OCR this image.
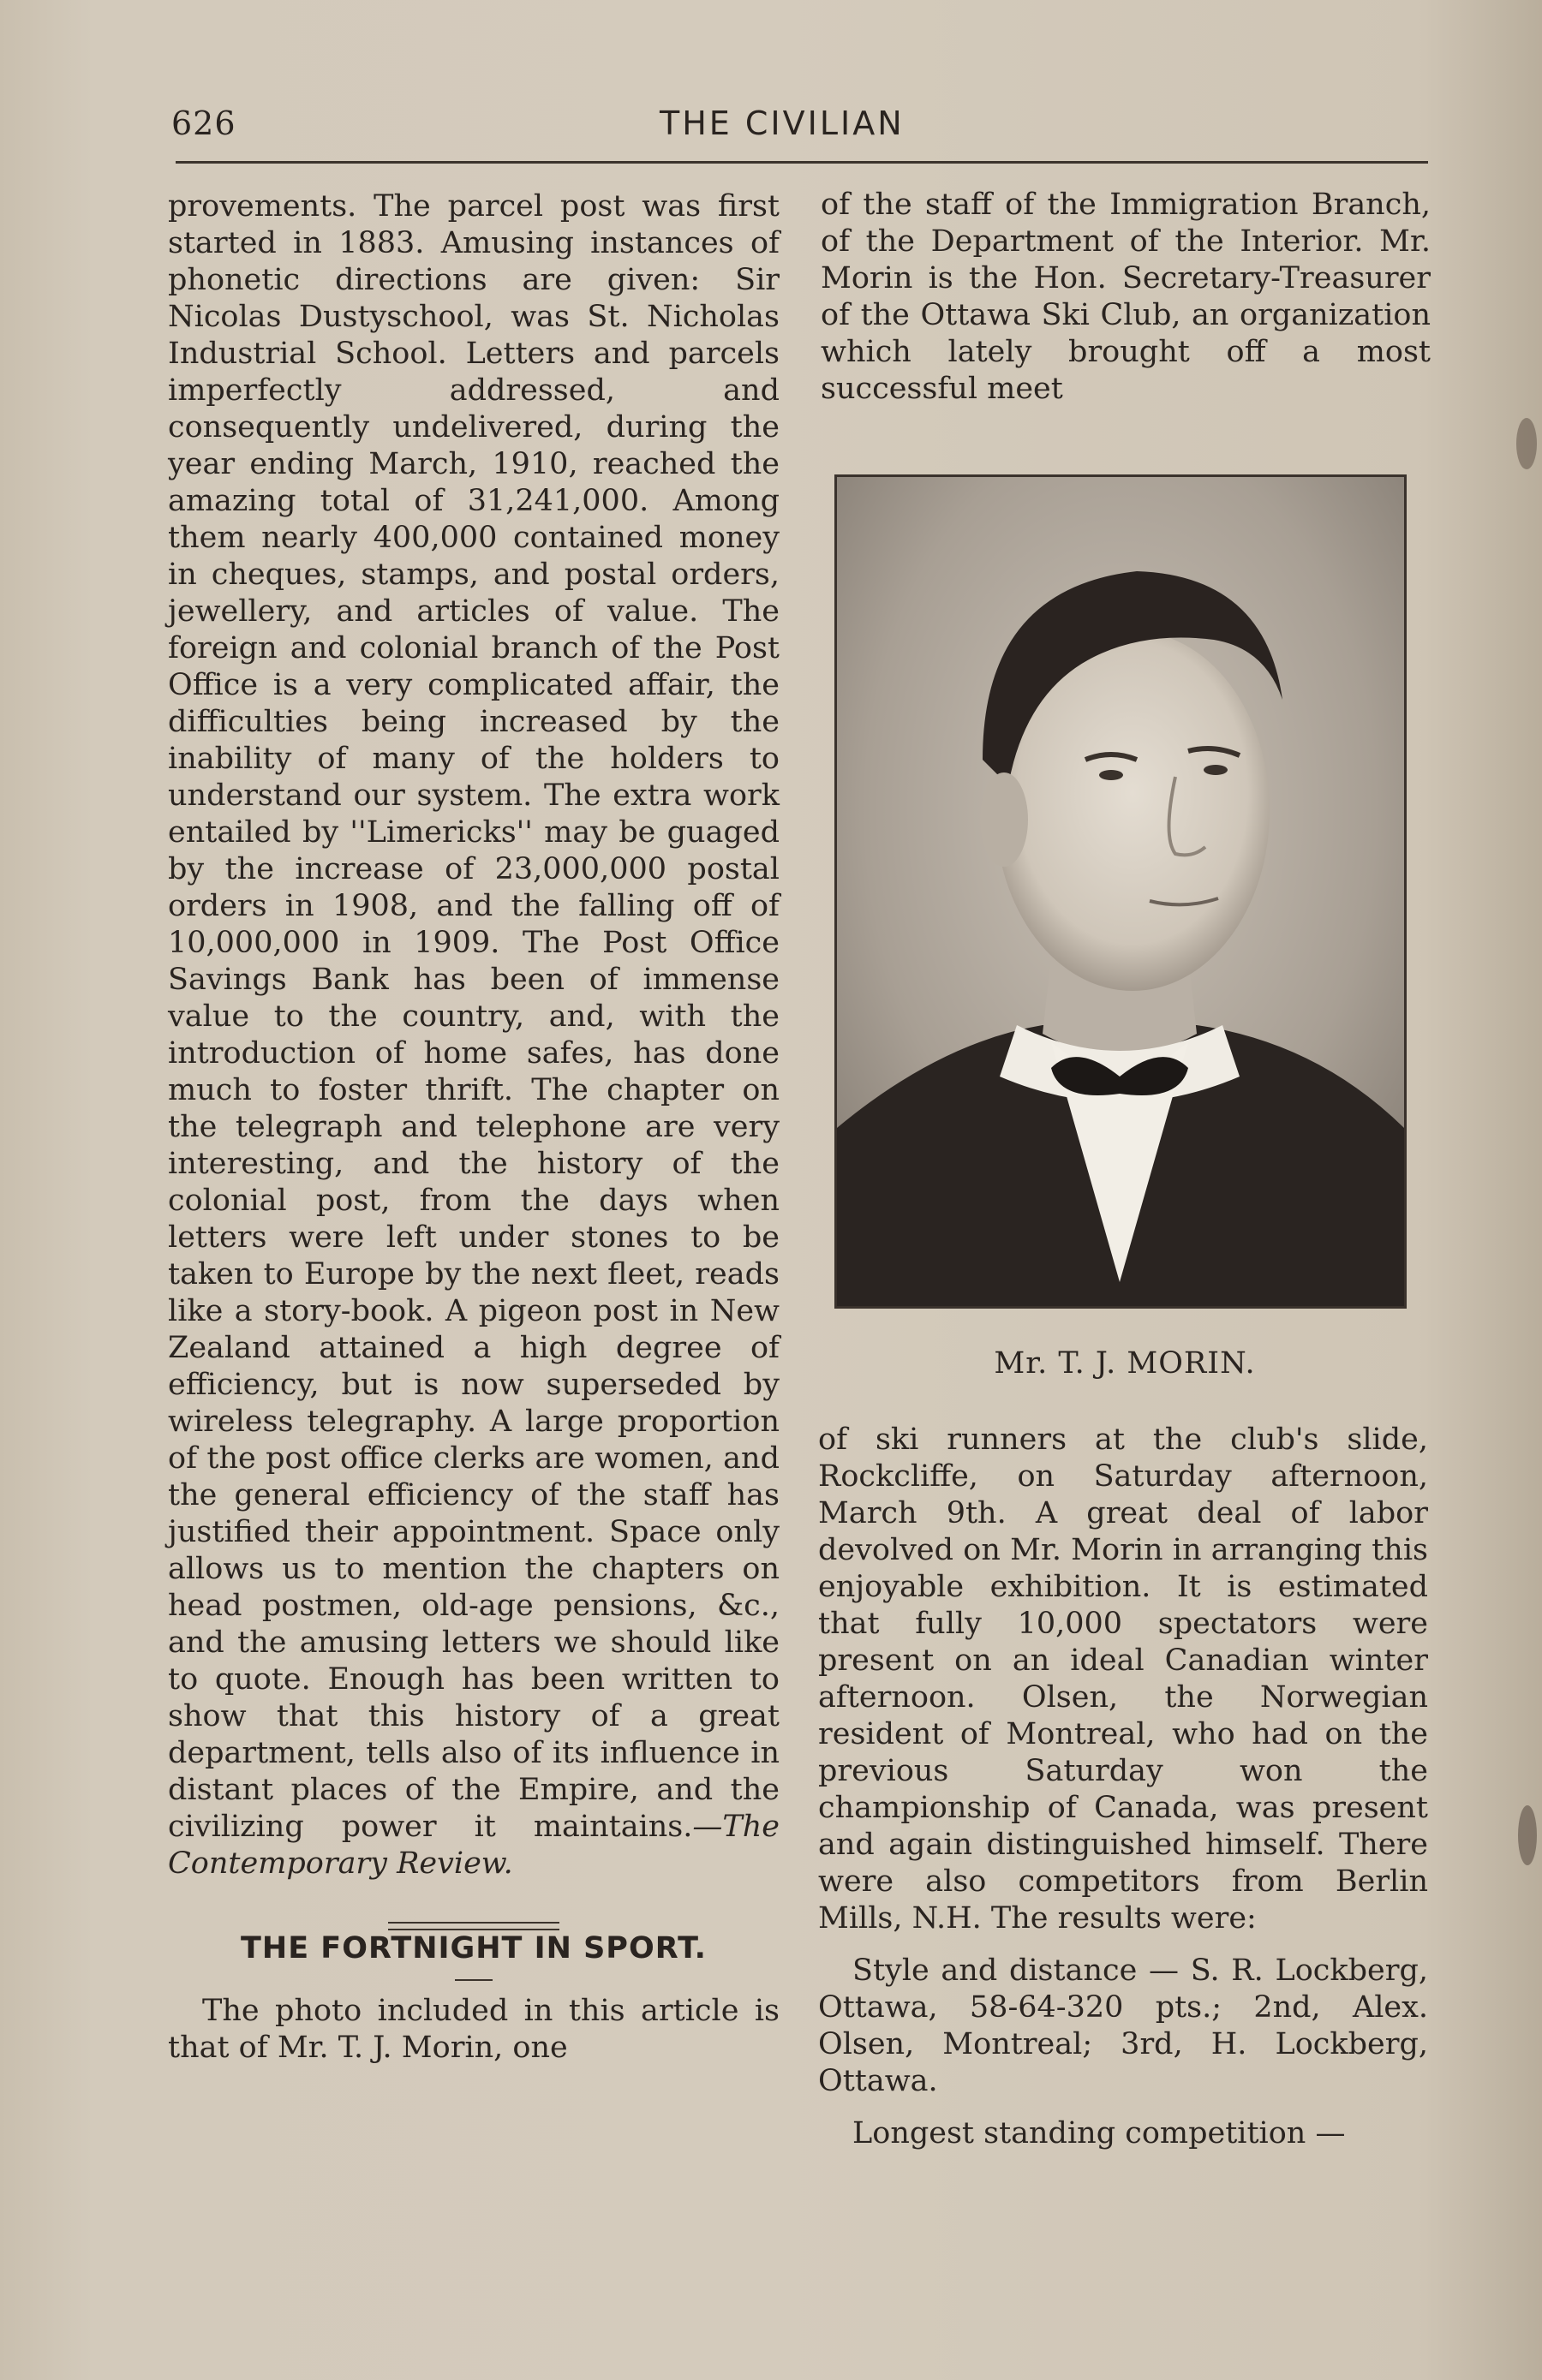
626	THE CIVILIAN

provements. The parcel post was first started in 1883. Amusing instances of phonetic directions are given: Sir Nicolas Dustyschool, was St. Nicholas Industrial School. Letters and parcels imperfectly addressed, and consequently undelivered, during the year ending March, 1910, reached the amazing total of 31,241,000. Among them nearly 400,000 contained money in cheques, stamps, and postal orders, jewellery, and articles of value. The foreign and colonial branch of the Post Office is a very complicated affair, the difficulties being increased by the inability of many of the holders to understand our system. The extra work entailed by ''Limericks'' may be guaged by the increase of 23,000,000 postal orders in 1908, and the falling off of 10,000,000 in 1909. The Post Office Savings Bank has been of immense value to the country, and, with the introduction of home safes, has done much to foster thrift. The chapter on the telegraph and telephone are very interesting, and the history of the colonial post, from the days when letters were left under stones to be taken to Europe by the next fleet, reads like a story-book. A pigeon post in New Zealand attained a high degree of efficiency, but is now superseded by wireless telegraphy. A large proportion of the post office clerks are women, and the general efficiency of the staff has justified their appointment. Space only allows us to mention the chapters on head postmen, old-age pensions, &c., and the amusing letters we should like to quote. Enough has been written to show that this history of a great department, tells also of its influence in distant places of the Empire, and the civilizing power it maintains.—The Contemporary Review.

THE FORTNIGHT IN SPORT.

The photo included in this article is that of Mr. T. J. Morin, one

of the staff of the Immigration Branch, of the Department of the Interior. Mr. Morin is the Hon. Secretary-Treasurer of the Ottawa Ski Club, an organization which lately brought off a most successful meet

Mr. T. J. MORIN.

of ski runners at the club's slide, Rockcliffe, on Saturday afternoon, March 9th. A great deal of labor devolved on Mr. Morin in arranging this enjoyable exhibition. It is estimated that fully 10,000 spectators were present on an ideal Canadian winter afternoon. Olsen, the Norwegian resident of Montreal, who had on the previous Saturday won the championship of Canada, was present and again distinguished himself. There were also competitors from Berlin Mills, N.H. The results were:

Style and distance — S. R. Lockberg, Ottawa, 58-64-320 pts.; 2nd, Alex. Olsen, Montreal; 3rd, H. Lockberg, Ottawa.

Longest standing competition —
